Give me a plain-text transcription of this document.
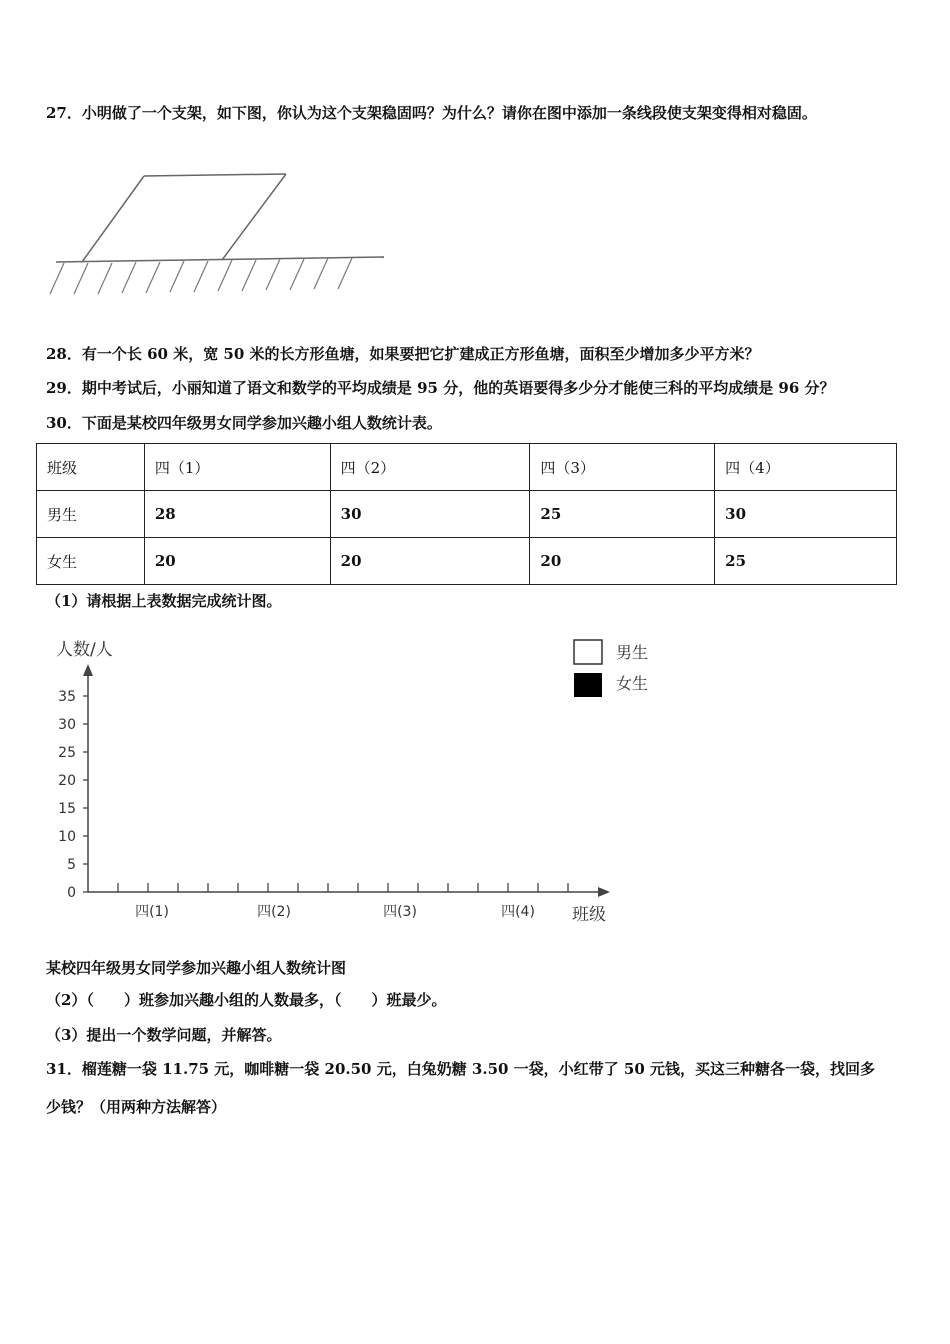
27．小明做了一个支架，如下图，你认为这个支架稳固吗？为什么？请你在图中添加一条线段使支架变得相对稳固。
28．有一个长 60 米，宽 50 米的长方形鱼塘，如果要把它扩建成正方形鱼塘，面积至少增加多少平方米？
29．期中考试后，小丽知道了语文和数学的平均成绩是 95 分，他的英语要得多少分才能使三科的平均成绩是 96 分？
30．下面是某校四年级男女同学参加兴趣小组人数统计表。
班级	四（1）	四（2）	四（3）	四（4）
男生	28	30	25	30
女生	20	20	20	25
（1）请根据上表数据完成统计图。
人数/人
0
5
10
15
20
25
30
35
四(1)	四(2)	四(3)	四(4) 班级
男生
女生
某校四年级男女同学参加兴趣小组人数统计图
（2）（　　）班参加兴趣小组的人数最多，（　　）班最少。
（3）提出一个数学问题，并解答。
31．榴莲糖一袋 11.75 元，咖啡糖一袋 20.50 元，白兔奶糖 3.50 一袋，小红带了 50 元钱，买这三种糖各一袋，找回多
少钱？（用两种方法解答）
